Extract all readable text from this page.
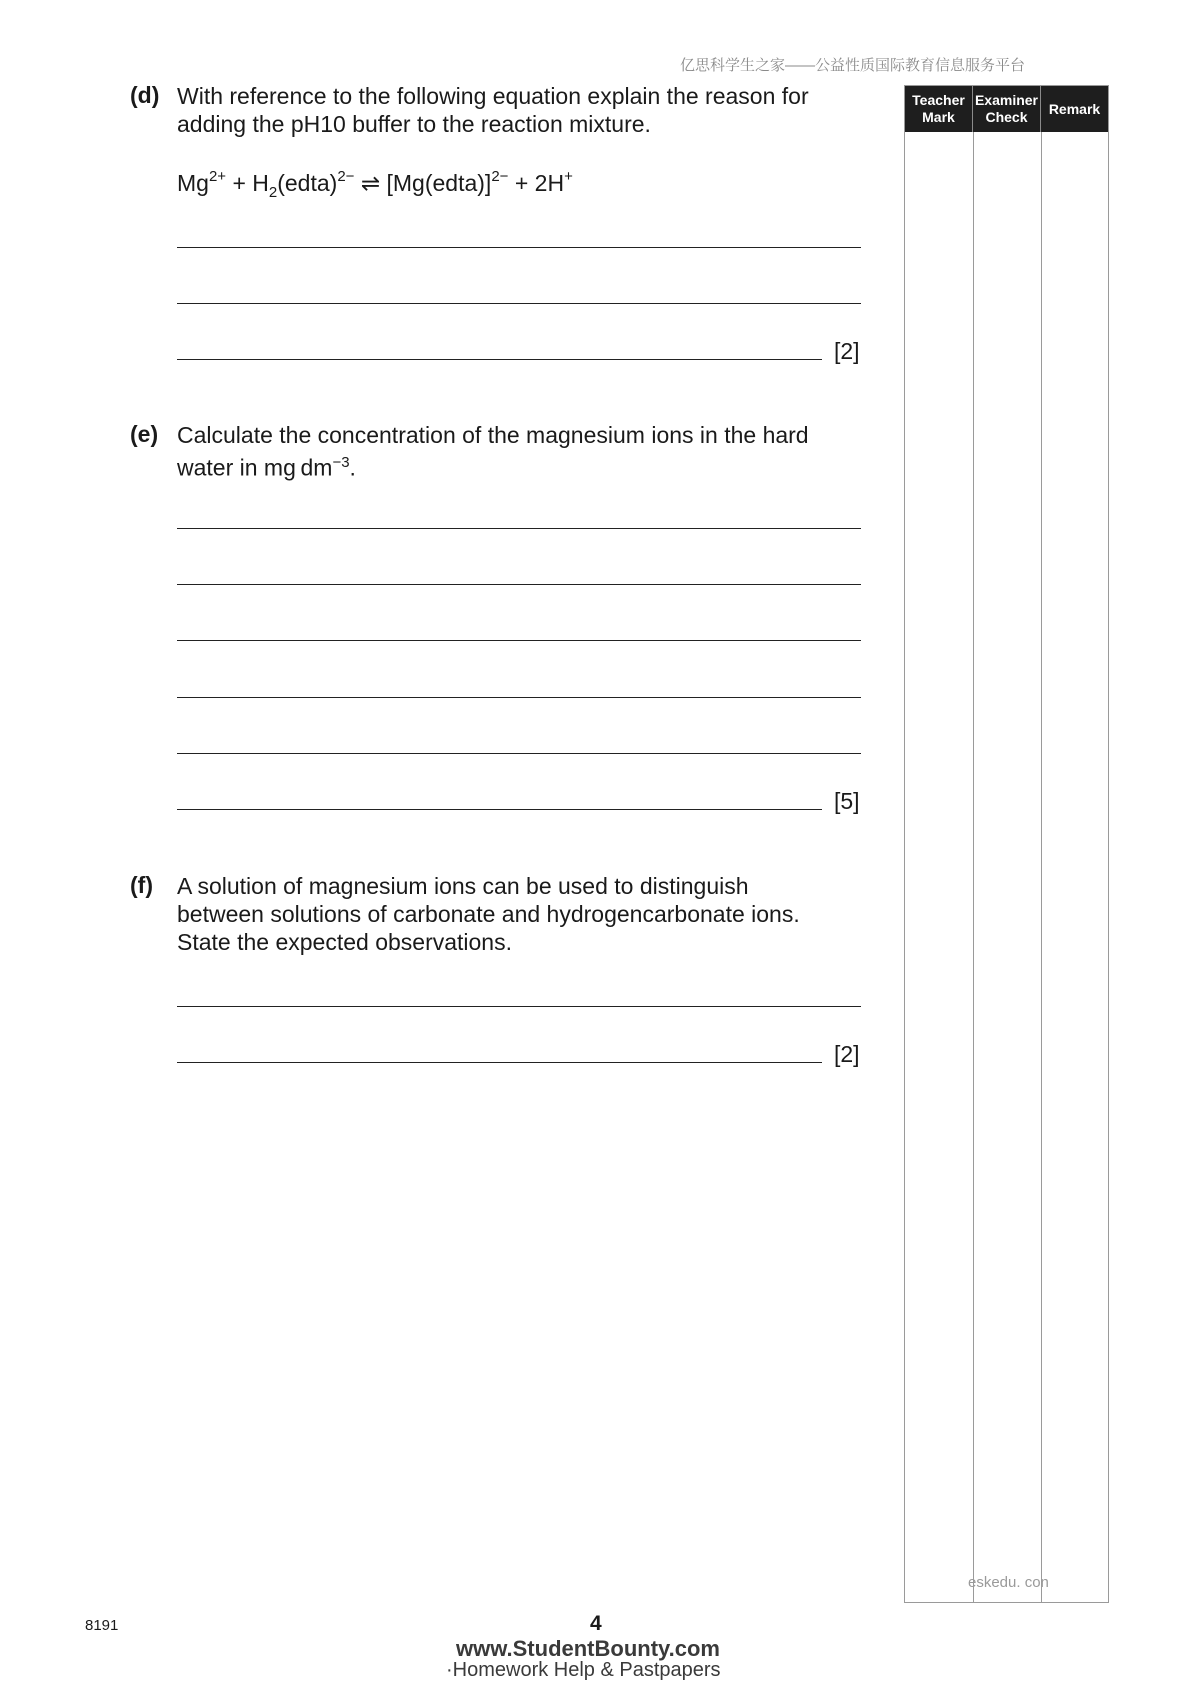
亿思科学生之家——公益性质国际教育信息服务平台
(d) With reference to the following equation explain the reason for
adding the pH10 buffer to the reaction mixture.
$Mg^{2+}$ + $H_2(edta)^{2-}$ ⇌ [Mg(edta)]$^{2-}$ + 2H+
[2]
(e) Calculate the concentration of the magnesium ions in the hard
water in mg $dm^{-3}$.
[5]
(f) A solution of magnesium ions can be used to distinguish
between solutions of carbonate and hydrogencarbonate ions.
State the expected observations.
[2]
Teacher
Mark
Examiner
Check
Remark
eskedu. con
8191	4
www.StudentBounty.com
·Homework Help & Pastpapers
